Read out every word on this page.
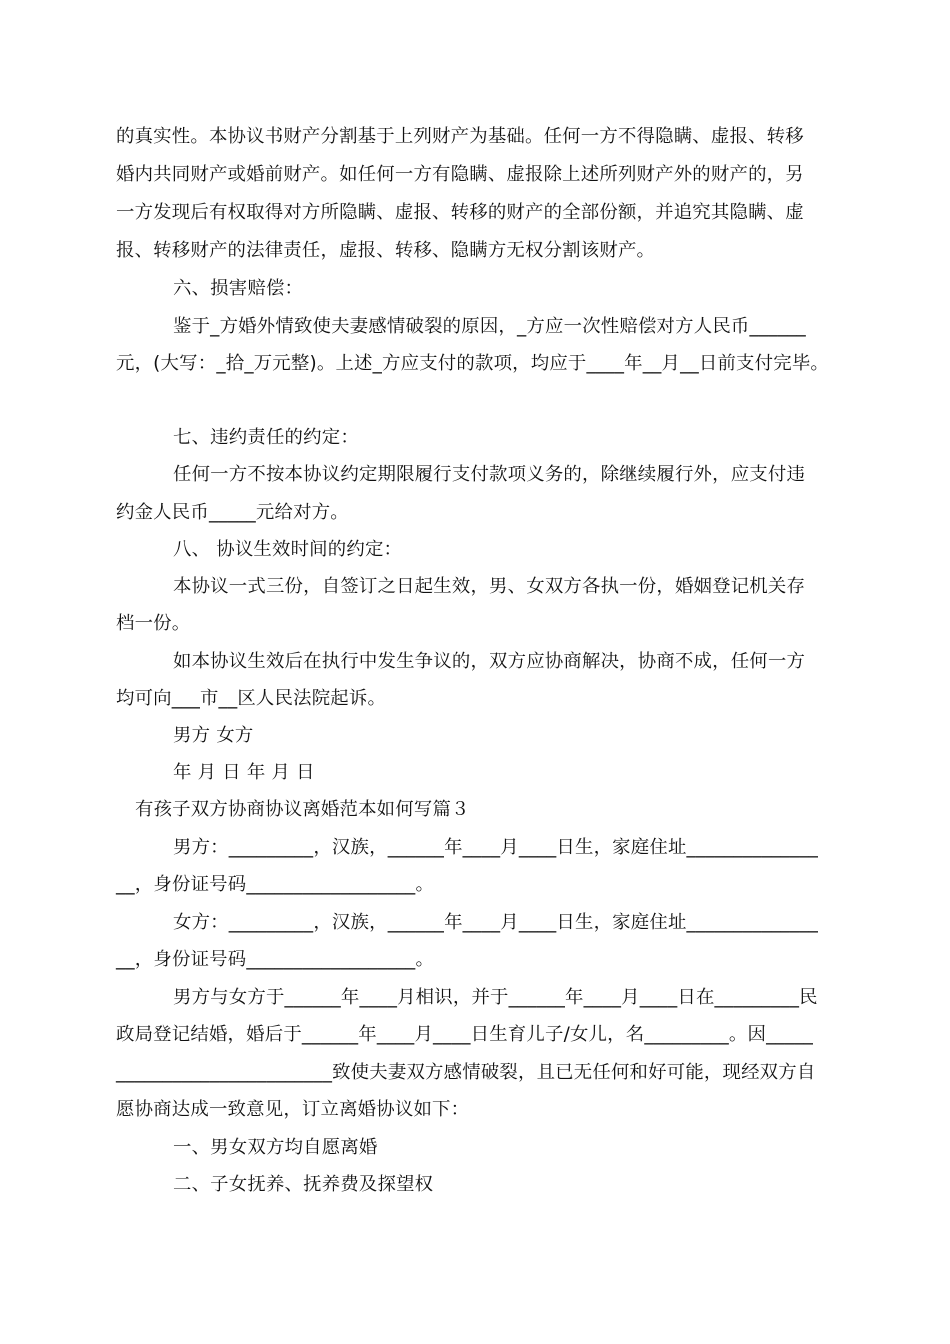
的真实性。本协议书财产分割基于上列财产为基础。任何一方不得隐瞒、虚报、转移
婚内共同财产或婚前财产。如任何一方有隐瞒、虚报除上述所列财产外的财产的，另
一方发现后有权取得对方所隐瞒、虚报、转移的财产的全部份额，并追究其隐瞒、虚
报、转移财产的法律责任，虚报、转移、隐瞒方无权分割该财产。
六、损害赔偿：
鉴于_方婚外情致使夫妻感情破裂的原因，_方应一次性赔偿对方人民币______
元，(大写：_拾_万元整)。上述_方应支付的款项，均应于____年__月__日前支付完毕。
七、违约责任的约定：
任何一方不按本协议约定期限履行支付款项义务的，除继续履行外，应支付违
约金人民币_____元给对方。
八、 协议生效时间的约定：
本协议一式三份，自签订之日起生效，男、女双方各执一份，婚姻登记机关存
档一份。
如本协议生效后在执行中发生争议的，双方应协商解决，协商不成，任何一方
均可向___市__区人民法院起诉。
男方 女方
年 月 日 年 月 日
有孩子双方协商协议离婚范本如何写篇３
男方：_________，汉族，______年____月____日生，家庭住址______________
__，身份证号码__________________。
女方：_________，汉族，______年____月____日生，家庭住址______________
__，身份证号码__________________。
男方与女方于______年____月相识，并于______年____月____日在_________民
政局登记结婚，婚后于______年____月____日生育儿子/女儿，名_________。因_____
_______________________致使夫妻双方感情破裂，且已无任何和好可能，现经双方自
愿协商达成一致意见，订立离婚协议如下：
一、男女双方均自愿离婚
二、子女抚养、抚养费及探望权
